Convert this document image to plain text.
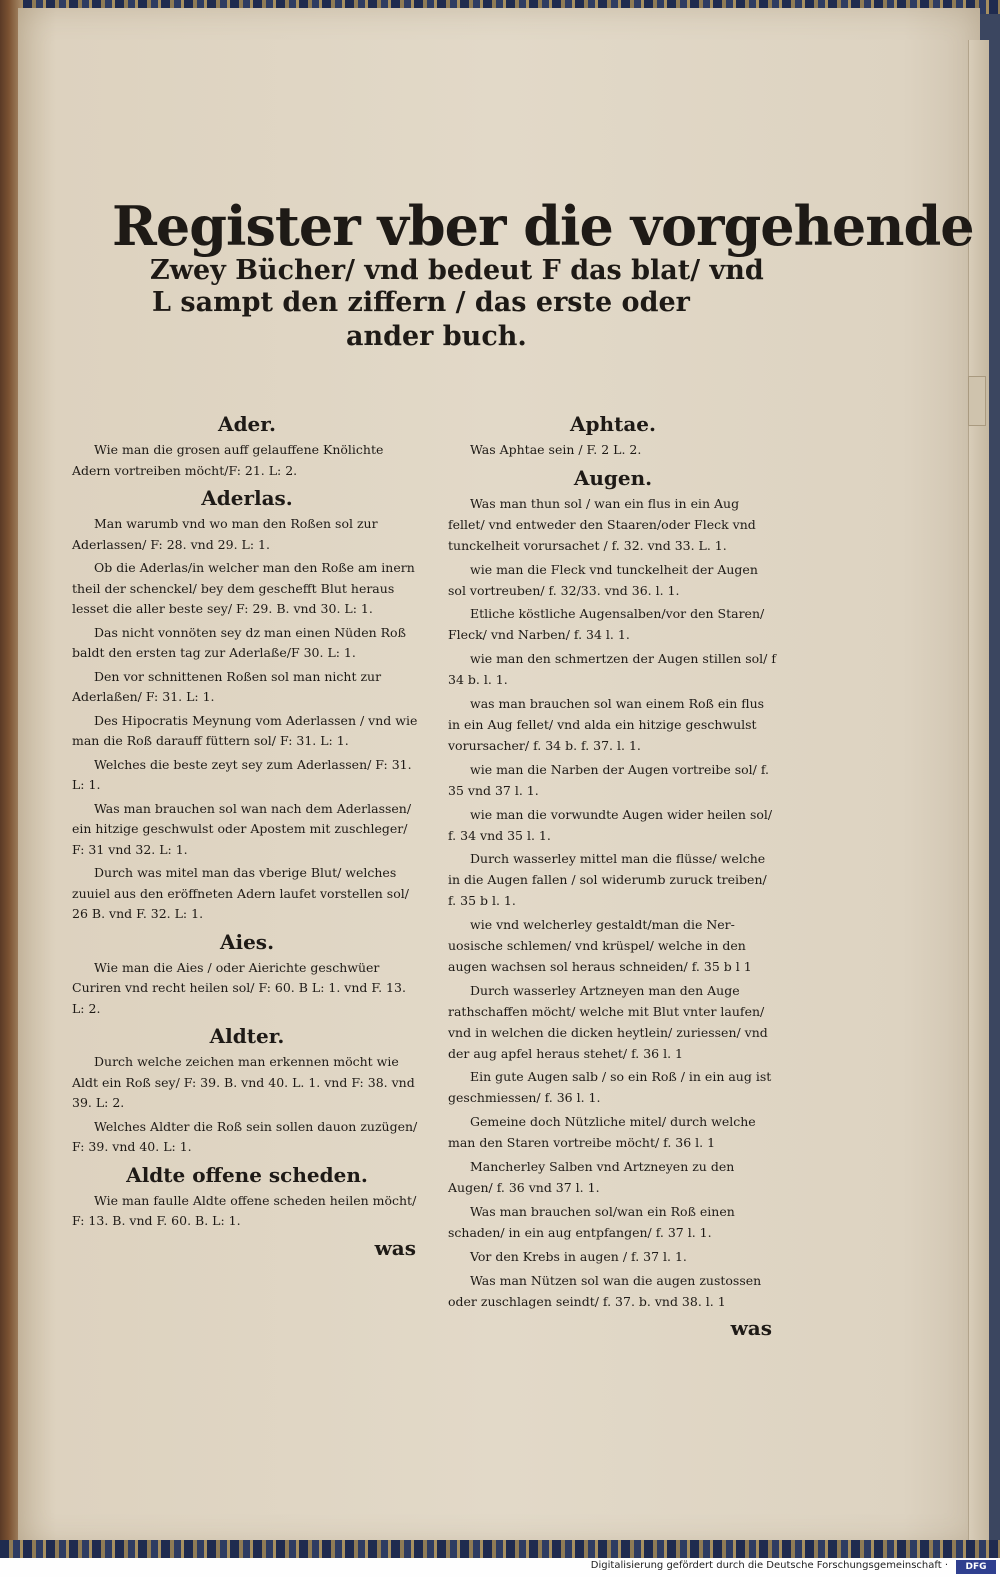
Register vber die vorgehende
Zwey Bücher/ vnd bedeut F das blat/ vnd
L sampt den ziffern / das erste oder
ander buch.
Ader.

Wie man die grosen auff gelauffene Knölichte Adern vortreiben möcht/F: 21. L: 2.

Aderlas.

Man warumb vnd wo man den Roßen sol zur Aderlassen/ F: 28. vnd 29. L: 1.

Ob die Aderlas/in welcher man den Roße am inern theil der schenckel/ bey dem geschefft Blut heraus lesset die aller beste sey/ F: 29. B. vnd 30. L: 1.

Das nicht vonnöten sey dz man einen Nüden Roß baldt den ersten tag zur Aderlaße/F 30. L: 1.

Den vor schnittenen Roßen sol man nicht zur Aderlaßen/ F: 31. L: 1.

Des Hipocratis Meynung vom Aderlassen / vnd wie man die Roß darauff füttern sol/ F: 31. L: 1.

Welches die beste zeyt sey zum Aderlassen/ F: 31. L: 1.

Was man brauchen sol wan nach dem Aderlassen/ ein hitzige geschwulst oder Apostem mit zuschleger/ F: 31 vnd 32. L: 1.

Durch was mitel man das vberige Blut/ welches zuuiel aus den eröffneten Adern laufet vorstellen sol/ 26 B. vnd F. 32. L: 1.

Aies.

Wie man die Aies / oder Aierichte geschwüer Curiren vnd recht heilen sol/ F: 60. B L: 1. vnd F. 13. L: 2.

Aldter.

Durch welche zeichen man erkennen möcht wie Aldt ein Roß sey/ F: 39. B. vnd 40. L. 1. vnd F: 38. vnd 39. L: 2.

Welches Aldter die Roß sein sollen dauon zuzügen/ F: 39. vnd 40. L: 1.

Aldte offene scheden.

Wie man faulle Aldte offene scheden heilen möcht/ F: 13. B. vnd F. 60. B. L: 1.

was
Aphtae.

Was Aphtae sein / F. 2 L. 2.

Augen.

Was man thun sol / wan ein flus in ein Aug fellet/ vnd entweder den Staaren/oder Fleck vnd tunckelheit vorursachet / f. 32. vnd 33. L. 1.

wie man die Fleck vnd tunckelheit der Augen sol vortreuben/ f. 32/33. vnd 36. l. 1.

Etliche köstliche Augensalben/vor den Staren/ Fleck/ vnd Narben/ f. 34 l. 1.

wie man den schmertzen der Augen stillen sol/ f 34 b. l. 1.

was man brauchen sol wan einem Roß ein flus in ein Aug fellet/ vnd alda ein hitzige geschwulst vorursacher/ f. 34 b. f. 37. l. 1.

wie man die Narben der Augen vortreibe sol/ f. 35 vnd 37 l. 1.

wie man die vorwundte Augen wider heilen sol/ f. 34 vnd 35 l. 1.

Durch wasserley mittel man die flüsse/ welche in die Augen fallen / sol widerumb zuruck treiben/ f. 35 b l. 1.

wie vnd welcherley gestaldt/man die Neruosische schlemen/ vnd krüspel/ welche in den augen wachsen sol heraus schneiden/ f. 35 b l 1

Durch wasserley Artzneyen man den Auge rathschaffen möcht/ welche mit Blut vnter laufen/ vnd in welchen die dicken heytlein/ zuriessen/ vnd der aug apfel heraus stehet/ f. 36 l. 1

Ein gute Augen salb / so ein Roß / in ein aug ist geschmiessen/ f. 36 l. 1.

Gemeine doch Nützliche mitel/ durch welche man den Staren vortreibe möcht/ f. 36 l. 1

Mancherley Salben vnd Artzneyen zu den Augen/ f. 36 vnd 37 l. 1.

Was man brauchen sol/wan ein Roß einen schaden/ in ein aug entpfangen/ f. 37 l. 1.

Vor den Krebs in augen / f. 37 l. 1.

Was man Nützen sol wan die augen zustossen oder zuschlagen seindt/ f. 37. b. vnd 38. l. 1

was
Digitalisierung gefördert durch die Deutsche Forschungsgemeinschaft ·	DFG
